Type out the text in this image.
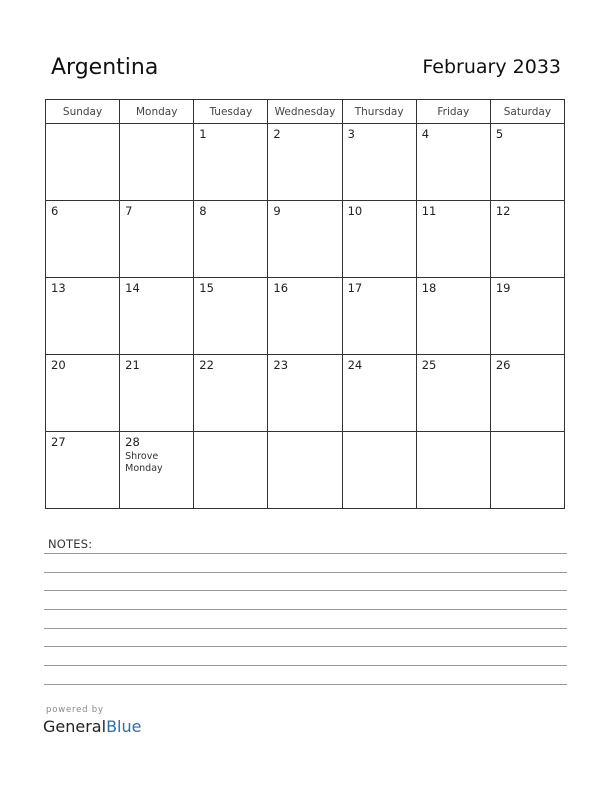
Argentina	February 2033
Sunday	Monday	Tuesday	Wednesday	Thursday	Friday	Saturday

		1	2	3	4	5

6	7	8	9	10	11	12

13	14	15	16	17	18	19

20	21	22	23	24	25	26

27	28
Shrove Monday					

NOTES:
powered by
GeneralBlue
